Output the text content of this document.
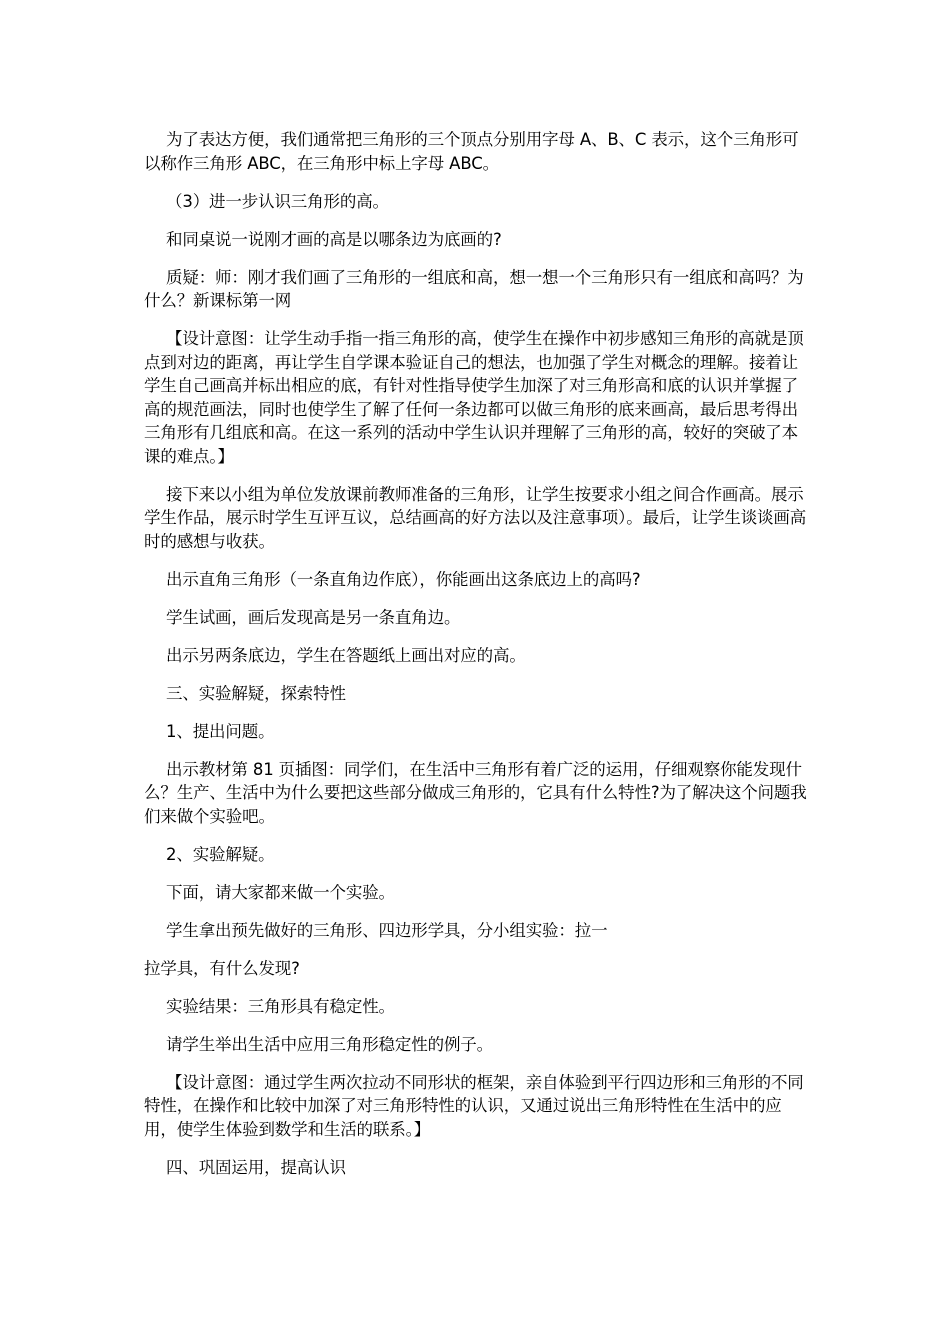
为了表达方便，我们通常把三角形的三个顶点分别用字母 A、B、C 表示，这个三角形可以称作三角形 ABC，在三角形中标上字母 ABC。

（3）进一步认识三角形的高。

和同桌说一说刚才画的高是以哪条边为底画的?

质疑：师：刚才我们画了三角形的一组底和高，想一想一个三角形只有一组底和高吗？为什么？新课标第一网

【设计意图：让学生动手指一指三角形的高，使学生在操作中初步感知三角形的高就是顶点到对边的距离，再让学生自学课本验证自己的想法，也加强了学生对概念的理解。接着让学生自己画高并标出相应的底，有针对性指导使学生加深了对三角形高和底的认识并掌握了高的规范画法，同时也使学生了解了任何一条边都可以做三角形的底来画高，最后思考得出三角形有几组底和高。在这一系列的活动中学生认识并理解了三角形的高，较好的突破了本课的难点。】

接下来以小组为单位发放课前教师准备的三角形，让学生按要求小组之间合作画高。展示学生作品，展示时学生互评互议，总结画高的好方法以及注意事项）。最后，让学生谈谈画高时的感想与收获。

出示直角三角形（一条直角边作底），你能画出这条底边上的高吗?

学生试画，画后发现高是另一条直角边。

出示另两条底边，学生在答题纸上画出对应的高。

三、实验解疑，探索特性

1、提出问题。

出示教材第 81 页插图：同学们，在生活中三角形有着广泛的运用，仔细观察你能发现什么？生产、生活中为什么要把这些部分做成三角形的，它具有什么特性?为了解决这个问题我们来做个实验吧。

2、实验解疑。

下面，请大家都来做一个实验。

学生拿出预先做好的三角形、四边形学具，分小组实验：拉一

拉学具，有什么发现?

实验结果：三角形具有稳定性。

请学生举出生活中应用三角形稳定性的例子。

【设计意图：通过学生两次拉动不同形状的框架，亲自体验到平行四边形和三角形的不同特性，在操作和比较中加深了对三角形特性的认识，又通过说出三角形特性在生活中的应用，使学生体验到数学和生活的联系。】

四、巩固运用，提高认识
